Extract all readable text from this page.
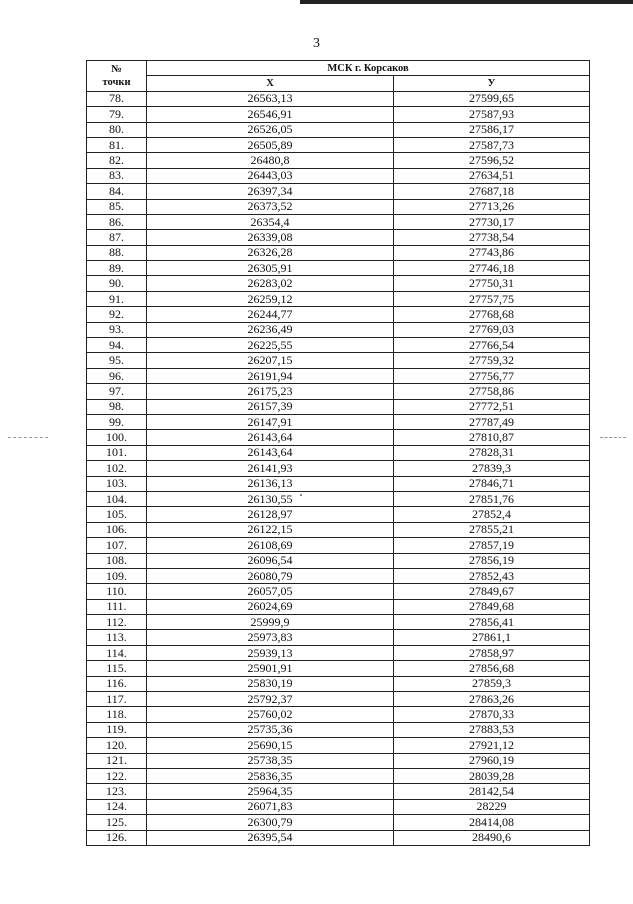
3
№
точки	МСК г. Корсаков	
	X	У
78.	26563,13	27599,65
79.	26546,91	27587,93
80.	26526,05	27586,17
81.	26505,89	27587,73
82.	26480,8	27596,52
83.	26443,03	27634,51
84.	26397,34	27687,18
85.	26373,52	27713,26
86.	26354,4	27730,17
87.	26339,08	27738,54
88.	26326,28	27743,86
89.	26305,91	27746,18
90.	26283,02	27750,31
91.	26259,12	27757,75
92.	26244,77	27768,68
93.	26236,49	27769,03
94.	26225,55	27766,54
95.	26207,15	27759,32
96.	26191,94	27756,77
97.	26175,23	27758,86
98.	26157,39	27772,51
99.	26147,91	27787,49
100.	26143,64	27810,87
101.	26143,64	27828,31
102.	26141,93	27839,3
103.	26136,13	27846,71
104.	26130,55	27851,76
105.	26128,97	27852,4
106.	26122,15	27855,21
107.	26108,69	27857,19
108.	26096,54	27856,19
109.	26080,79	27852,43
110.	26057,05	27849,67
111.	26024,69	27849,68
112.	25999,9	27856,41
113.	25973,83	27861,1
114.	25939,13	27858,97
115.	25901,91	27856,68
116.	25830,19	27859,3
117.	25792,37	27863,26
118.	25760,02	27870,33
119.	25735,36	27883,53
120.	25690,15	27921,12
121.	25738,35	27960,19
122.	25836,35	28039,28
123.	25964,35	28142,54
124.	26071,83	28229
125.	26300,79	28414,08
126.	26395,54	28490,6
